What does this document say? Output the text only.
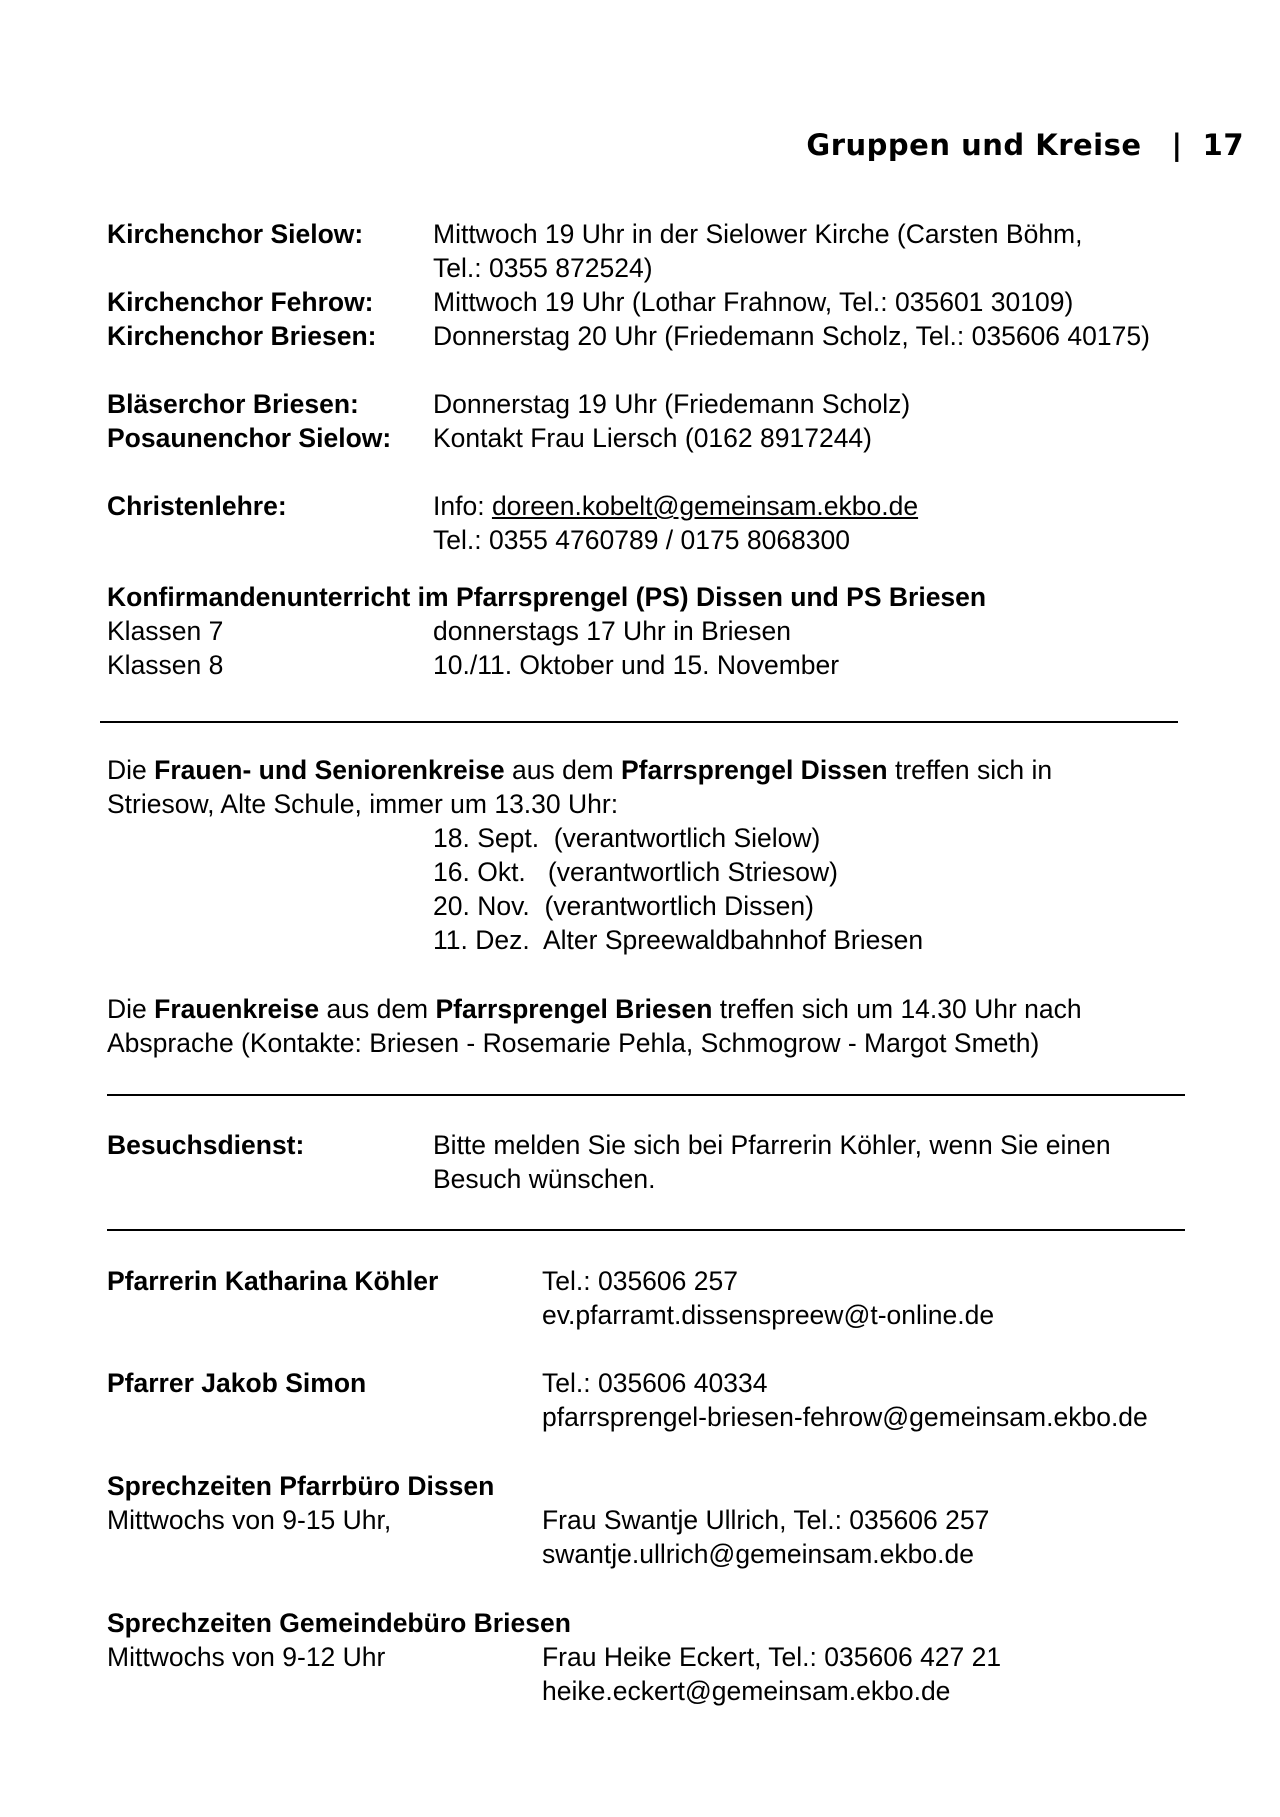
Gruppen und Kreise | 17
Kirchenchor Sielow:	Mittwoch 19 Uhr in der Sielower Kirche (Carsten Böhm,
Tel.: 0355 872524)
Kirchenchor Fehrow: Mittwoch 19 Uhr (Lothar Frahnow, Tel.: 035601 30109)
Kirchenchor Briesen: Donnerstag 20 Uhr (Friedemann Scholz, Tel.: 035606 40175)
Bläserchor Briesen:	Donnerstag 19 Uhr (Friedemann Scholz)
Posaunenchor Sielow: Kontakt Frau Liersch (0162 8917244)
Christenlehre:	Info: doreen.kobelt@gemeinsam.ekbo.de
Tel.: 0355 4760789 / 0175 8068300
Konfirmandenunterricht im Pfarrsprengel (PS) Dissen und PS Briesen
Klassen 7	donnerstags 17 Uhr in Briesen
Klassen 8	10./11. Oktober und 15. November
Die Frauen- und Seniorenkreise aus dem Pfarrsprengel Dissen treffen sich in
Striesow, Alte Schule, immer um 13.30 Uhr:
18. Sept.  (verantwortlich Sielow)
16. Okt.   (verantwortlich Striesow)
20. Nov.  (verantwortlich Dissen)
11. Dez.  Alter Spreewaldbahnhof Briesen
Die Frauenkreise aus dem Pfarrsprengel Briesen treffen sich um 14.30 Uhr nach
Absprache (Kontakte: Briesen - Rosemarie Pehla, Schmogrow - Margot Smeth)
Besuchsdienst:	Bitte melden Sie sich bei Pfarrerin Köhler, wenn Sie einen
Besuch wünschen.
Pfarrerin Katharina Köhler	Tel.: 035606 257
ev.pfarramt.dissenspreew@t-online.de
Pfarrer Jakob Simon	Tel.: 035606 40334
pfarrsprengel-briesen-fehrow@gemeinsam.ekbo.de
Sprechzeiten Pfarrbüro Dissen
Mittwochs von 9-15 Uhr,	Frau Swantje Ullrich, Tel.: 035606 257
swantje.ullrich@gemeinsam.ekbo.de
Sprechzeiten Gemeindebüro Briesen
Mittwochs von 9-12 Uhr	Frau Heike Eckert, Tel.: 035606 427 21
heike.eckert@gemeinsam.ekbo.de
